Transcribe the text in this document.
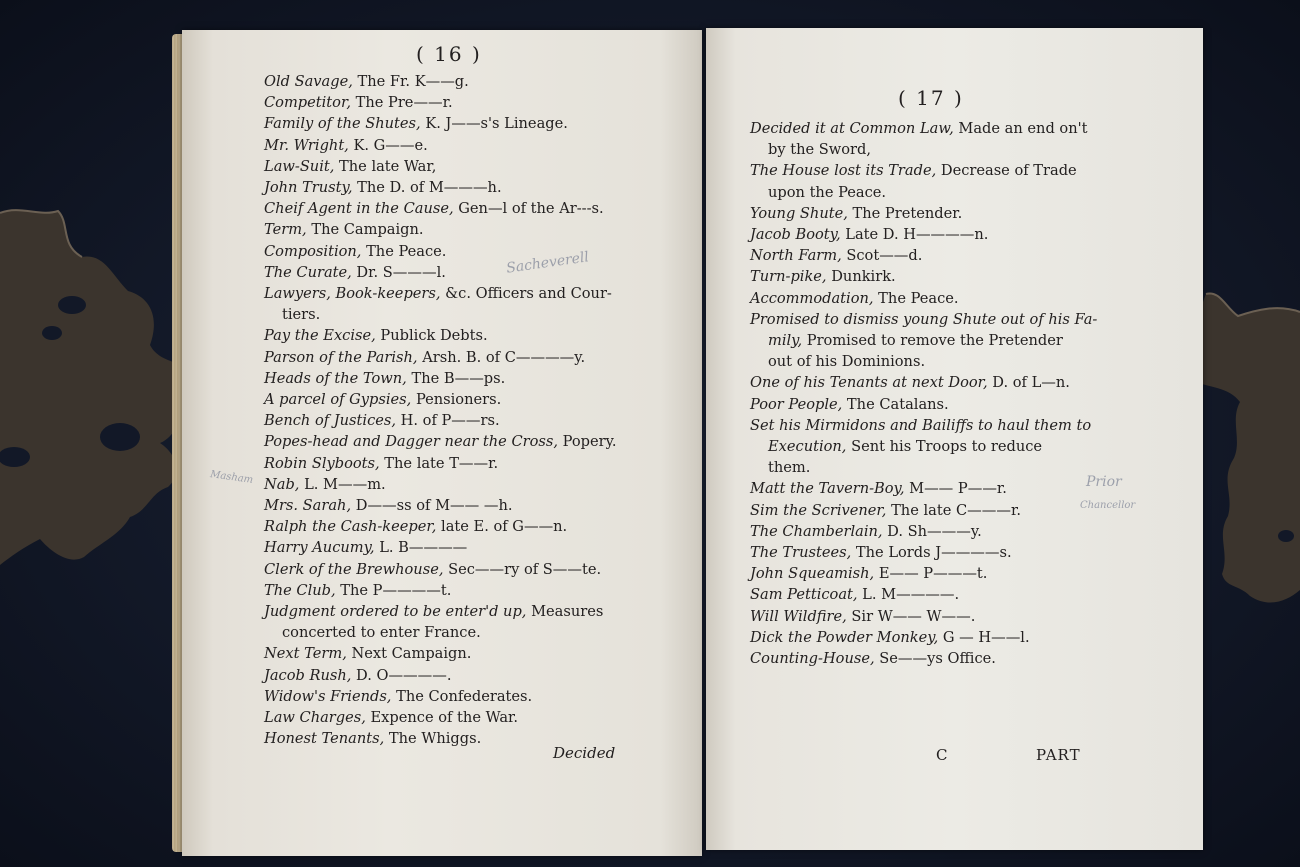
( 16 )
Old Savage, The Fr. K——g.
Competitor, The Pre——r.
Family of the Shutes, K. J——s's Lineage.
Mr. Wright, K. G——e.
Law-Suit, The late War,
John Trusty, The D. of M———h.
Cheif Agent in the Cause, Gen—l of the Ar---s.
Term, The Campaign.
Composition, The Peace.
The Curate, Dr. S———l.
Lawyers, Book-keepers, &c. Officers and Cour-
tiers.
Pay the Excise, Publick Debts.
Parson of the Parish, Arsh. B. of C————y.
Heads of the Town, The B——ps.
A parcel of Gypsies, Pensioners.
Bench of Justices, H. of P——rs.
Popes-head and Dagger near the Cross, Popery.
Robin Slyboots, The late T——r.
Nab, L. M——m.
Mrs. Sarah, D——ss of M—— —h.
Ralph the Cash-keeper, late E. of G——n.
Harry Aucumy, L. B————
Clerk of the Brewhouse, Sec——ry of S——te.
The Club, The P————t.
Judgment ordered to be enter'd up, Measures
concerted to enter France.
Next Term, Next Campaign.
Jacob Rush, D. O————.
Widow's Friends, The Confederates.
Law Charges, Expence of the War.
Honest Tenants, The Whiggs.
Decided
Sacheverell
Masham
( 17 )
Decided it at Common Law, Made an end on't
by the Sword,
The House lost its Trade, Decrease of Trade
upon the Peace.
Young Shute, The Pretender.
Jacob Booty, Late D. H————n.
North Farm, Scot——d.
Turn-pike, Dunkirk.
Accommodation, The Peace.
Promised to dismiss young Shute out of his Fa-
mily, Promised to remove the Pretender
out of his Dominions.
One of his Tenants at next Door, D. of L—n.
Poor People, The Catalans.
Set his Mirmidons and Bailiffs to haul them to
Execution, Sent his Troops to reduce
them.
Matt the Tavern-Boy, M—— P——r.
Sim the Scrivener, The late C———r.
The Chamberlain, D. Sh———y.
The Trustees, The Lords J————s.
John Squeamish, E—— P———t.
Sam Petticoat, L. M————.
Will Wildfire, Sir W—— W——.
Dick the Powder Monkey, G — H——l.
Counting-House, Se——ys Office.
C	PART
Prior
Chancellor
